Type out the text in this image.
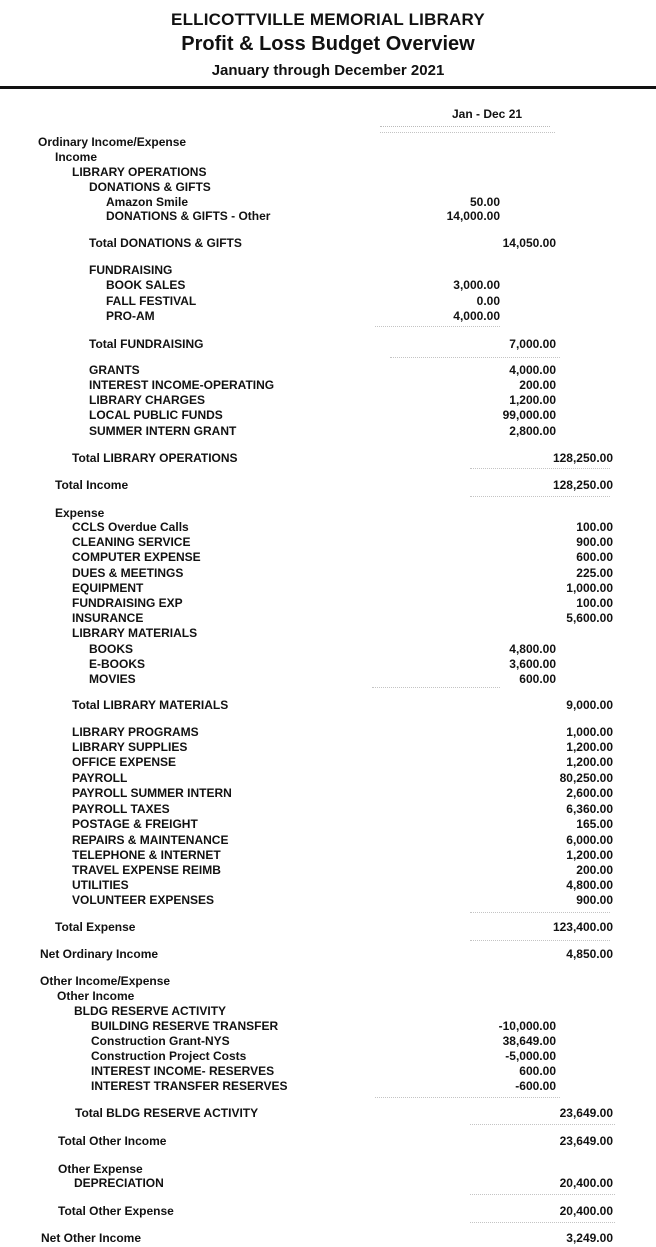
ELLICOTTVILLE MEMORIAL LIBRARY
Profit & Loss Budget Overview
January through December 2021
Jan - Dec 21
Ordinary Income/Expense
Income
LIBRARY OPERATIONS
DONATIONS & GIFTS
Amazon Smile	50.00
DONATIONS & GIFTS - Other	14,000.00
Total DONATIONS & GIFTS	14,050.00
FUNDRAISING
BOOK SALES	3,000.00
FALL FESTIVAL	0.00
PRO-AM	4,000.00
Total FUNDRAISING	7,000.00
GRANTS	4,000.00
INTEREST INCOME-OPERATING	200.00
LIBRARY CHARGES	1,200.00
LOCAL PUBLIC FUNDS	99,000.00
SUMMER INTERN GRANT	2,800.00
Total LIBRARY OPERATIONS	128,250.00
Total Income	128,250.00
Expense
CCLS Overdue Calls	100.00
CLEANING SERVICE	900.00
COMPUTER EXPENSE	600.00
DUES & MEETINGS	225.00
EQUIPMENT	1,000.00
FUNDRAISING EXP	100.00
INSURANCE	5,600.00
LIBRARY MATERIALS
BOOKS	4,800.00
E-BOOKS	3,600.00
MOVIES	600.00
Total LIBRARY MATERIALS	9,000.00
LIBRARY PROGRAMS	1,000.00
LIBRARY SUPPLIES	1,200.00
OFFICE EXPENSE	1,200.00
PAYROLL	80,250.00
PAYROLL SUMMER INTERN	2,600.00
PAYROLL TAXES	6,360.00
POSTAGE & FREIGHT	165.00
REPAIRS & MAINTENANCE	6,000.00
TELEPHONE & INTERNET	1,200.00
TRAVEL EXPENSE REIMB	200.00
UTILITIES	4,800.00
VOLUNTEER EXPENSES	900.00
Total Expense	123,400.00
Net Ordinary Income	4,850.00
Other Income/Expense
Other Income
BLDG RESERVE ACTIVITY
BUILDING RESERVE TRANSFER	-10,000.00
Construction Grant-NYS	38,649.00
Construction Project Costs	-5,000.00
INTEREST INCOME- RESERVES	600.00
INTEREST TRANSFER RESERVES	-600.00
Total BLDG RESERVE ACTIVITY	23,649.00
Total Other Income	23,649.00
Other Expense
DEPRECIATION	20,400.00
Total Other Expense	20,400.00
Net Other Income	3,249.00
